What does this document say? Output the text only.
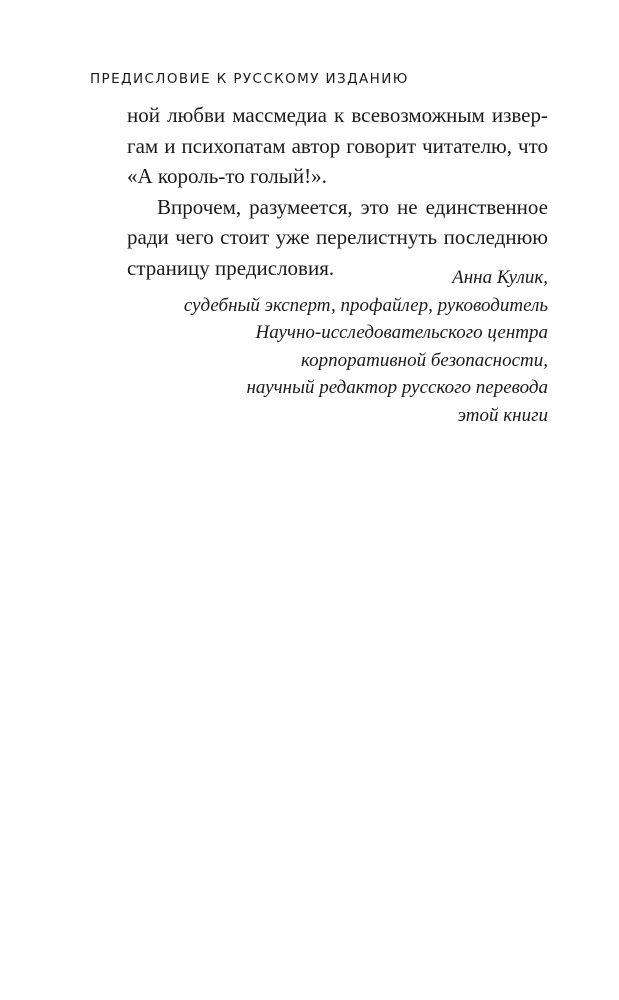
ПРЕДИСЛОВИЕ К РУССКОМУ ИЗДАНИЮ
ной любви массмедиа к всевозможным извер-
гам и психопатам автор говорит читателю, что
«А король-то голый!».
Впрочем, разумеется, это не единственное
ради чего стоит уже перелистнуть последнюю
страницу предисловия.	Анна Кулик,
судебный эксперт, профайлер, руководитель
Научно-исследовательского центра
корпоративной безопасности,
научный редактор русского перевода
этой книги
